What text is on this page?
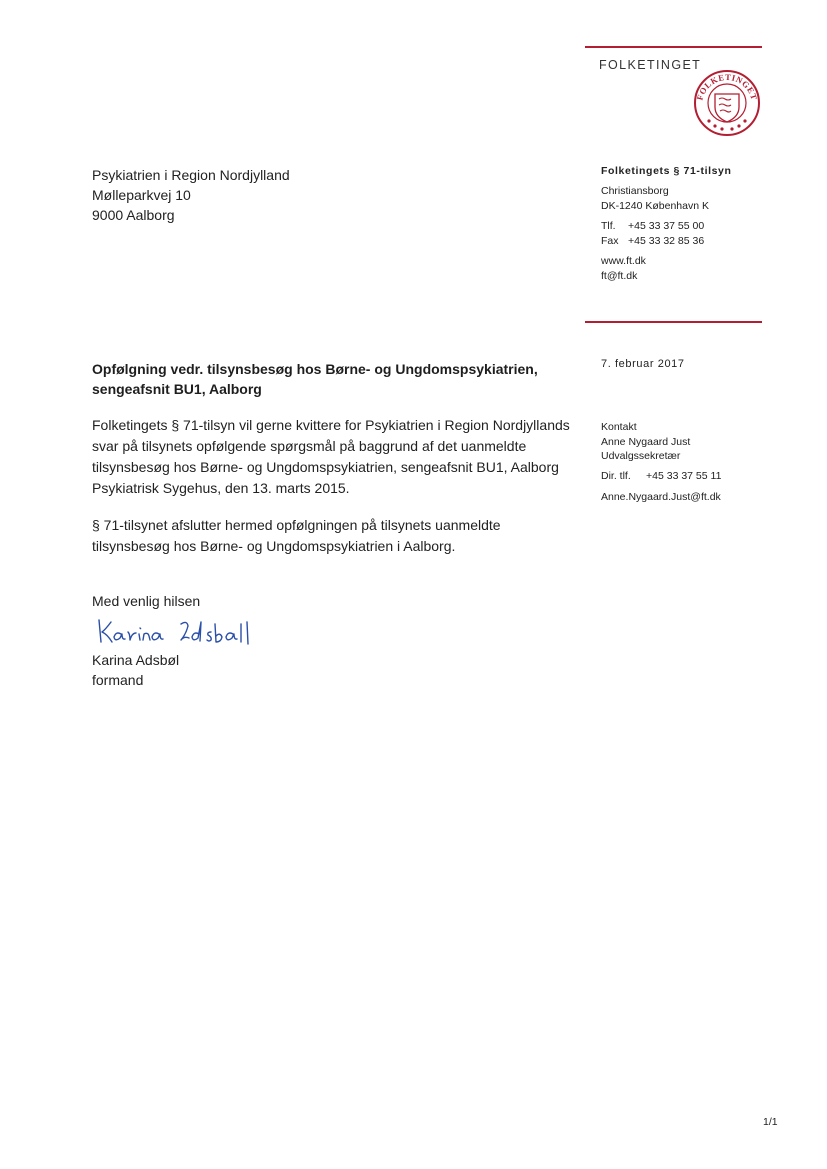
FOLKETINGET
FOLKETINGET
Psykiatrien i Region Nordjylland
Mølleparkvej 10
9000 Aalborg
Folketingets § 71-tilsyn
Christiansborg
DK-1240 København K
Tlf. +45 33 37 55 00
Fax +45 33 32 85 36
www.ft.dk
ft@ft.dk
7. februar 2017
Kontakt
Anne Nygaard Just
Udvalgssekretær
Dir. tlf. +45 33 37 55 11
Anne.Nygaard.Just@ft.dk
Opfølgning vedr. tilsynsbesøg hos Børne- og Ungdomspsykiatrien,
sengeafsnit BU1, Aalborg
Folketingets § 71-tilsyn vil gerne kvittere for Psykiatrien i Region Nordjyllands svar på tilsynets opfølgende spørgsmål på baggrund af det uanmeldte tilsynsbesøg hos Børne- og Ungdomspsykiatrien, sengeafsnit BU1, Aalborg Psykiatrisk Sygehus, den 13. marts 2015.
§ 71-tilsynet afslutter hermed opfølgningen på tilsynets uanmeldte tilsynsbesøg hos Børne- og Ungdomspsykiatrien i Aalborg.
Med venlig hilsen
Karina Adsbøl
formand
1/1
